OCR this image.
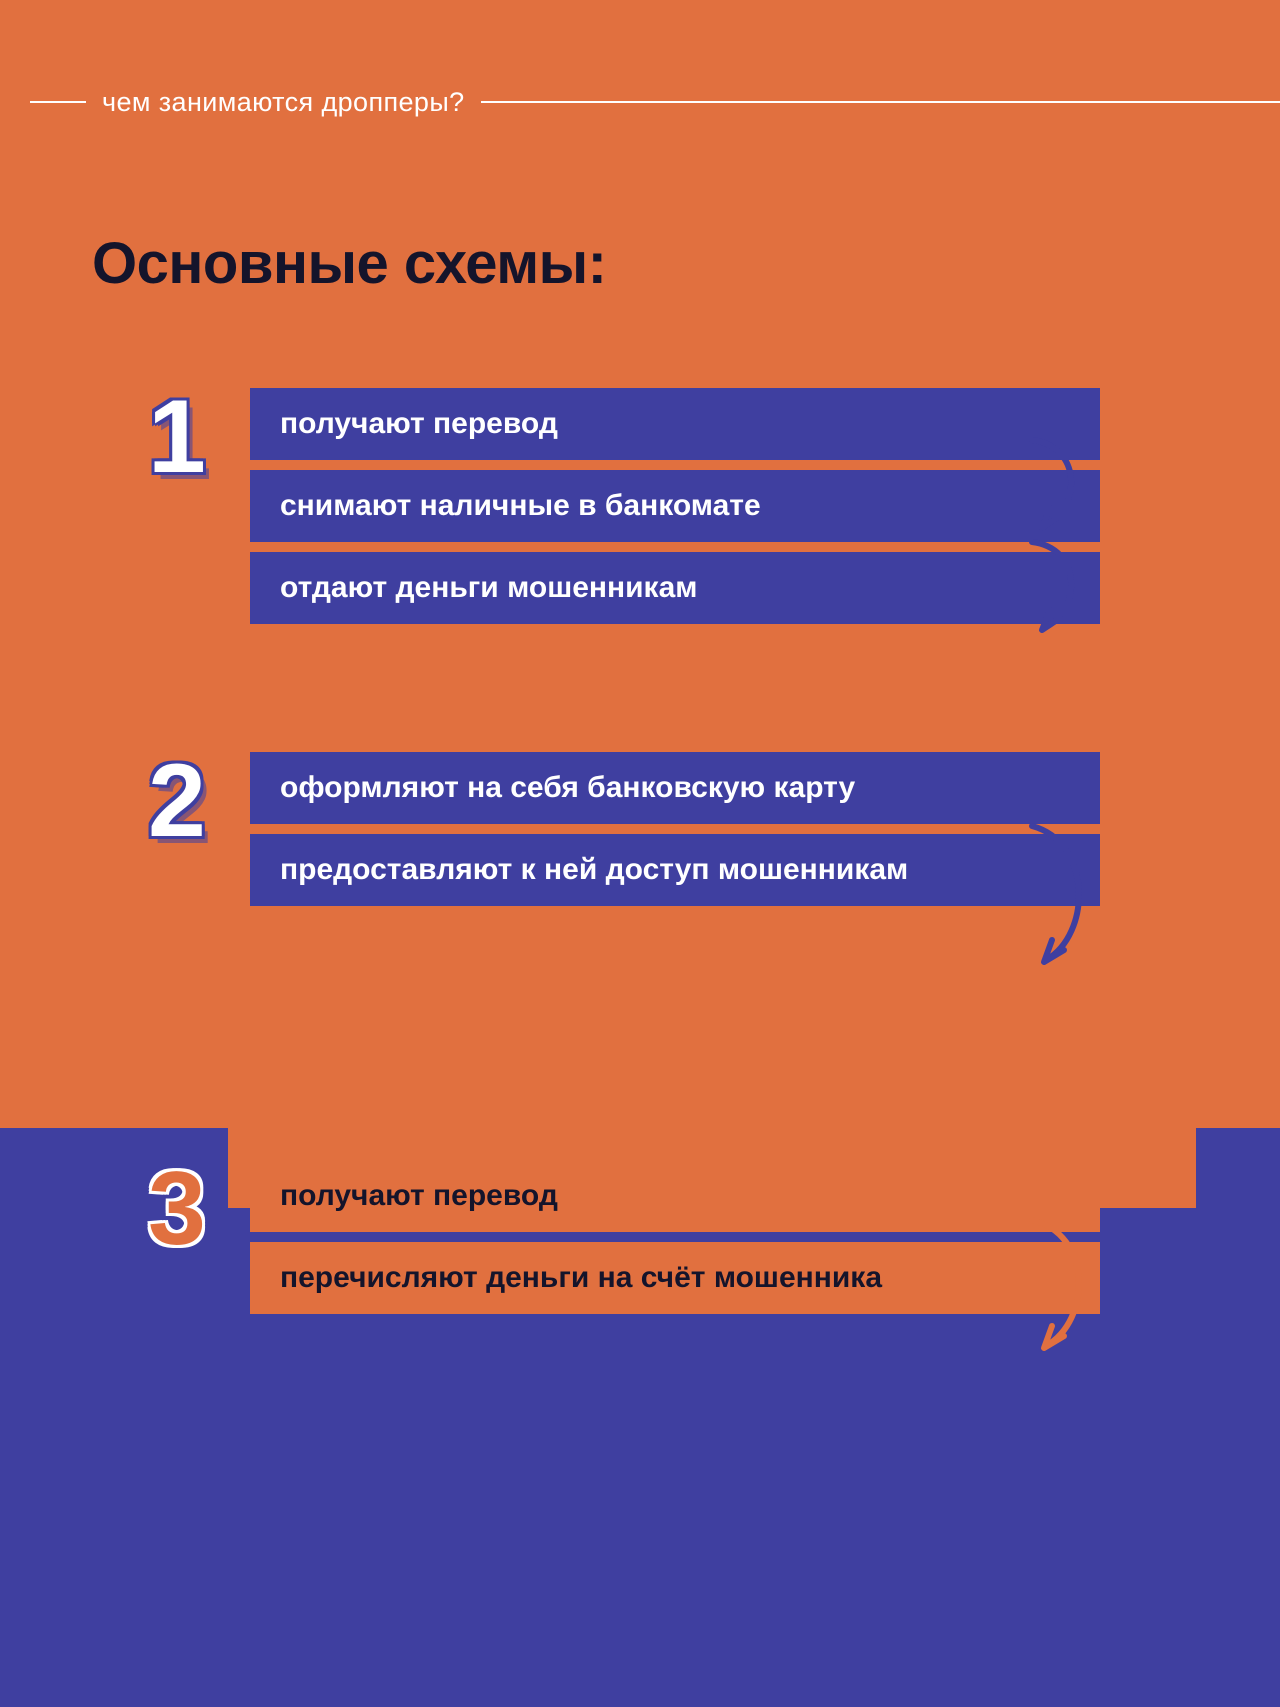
чем занимаются дропперы?
Основные схемы:
1	получают перевод
снимают наличные в банкомате
отдают деньги мошенникам
2	оформляют на себя банковскую карту
предоставляют к ней доступ мошенникам
3	получают перевод
перечисляют деньги на счёт мошенника
